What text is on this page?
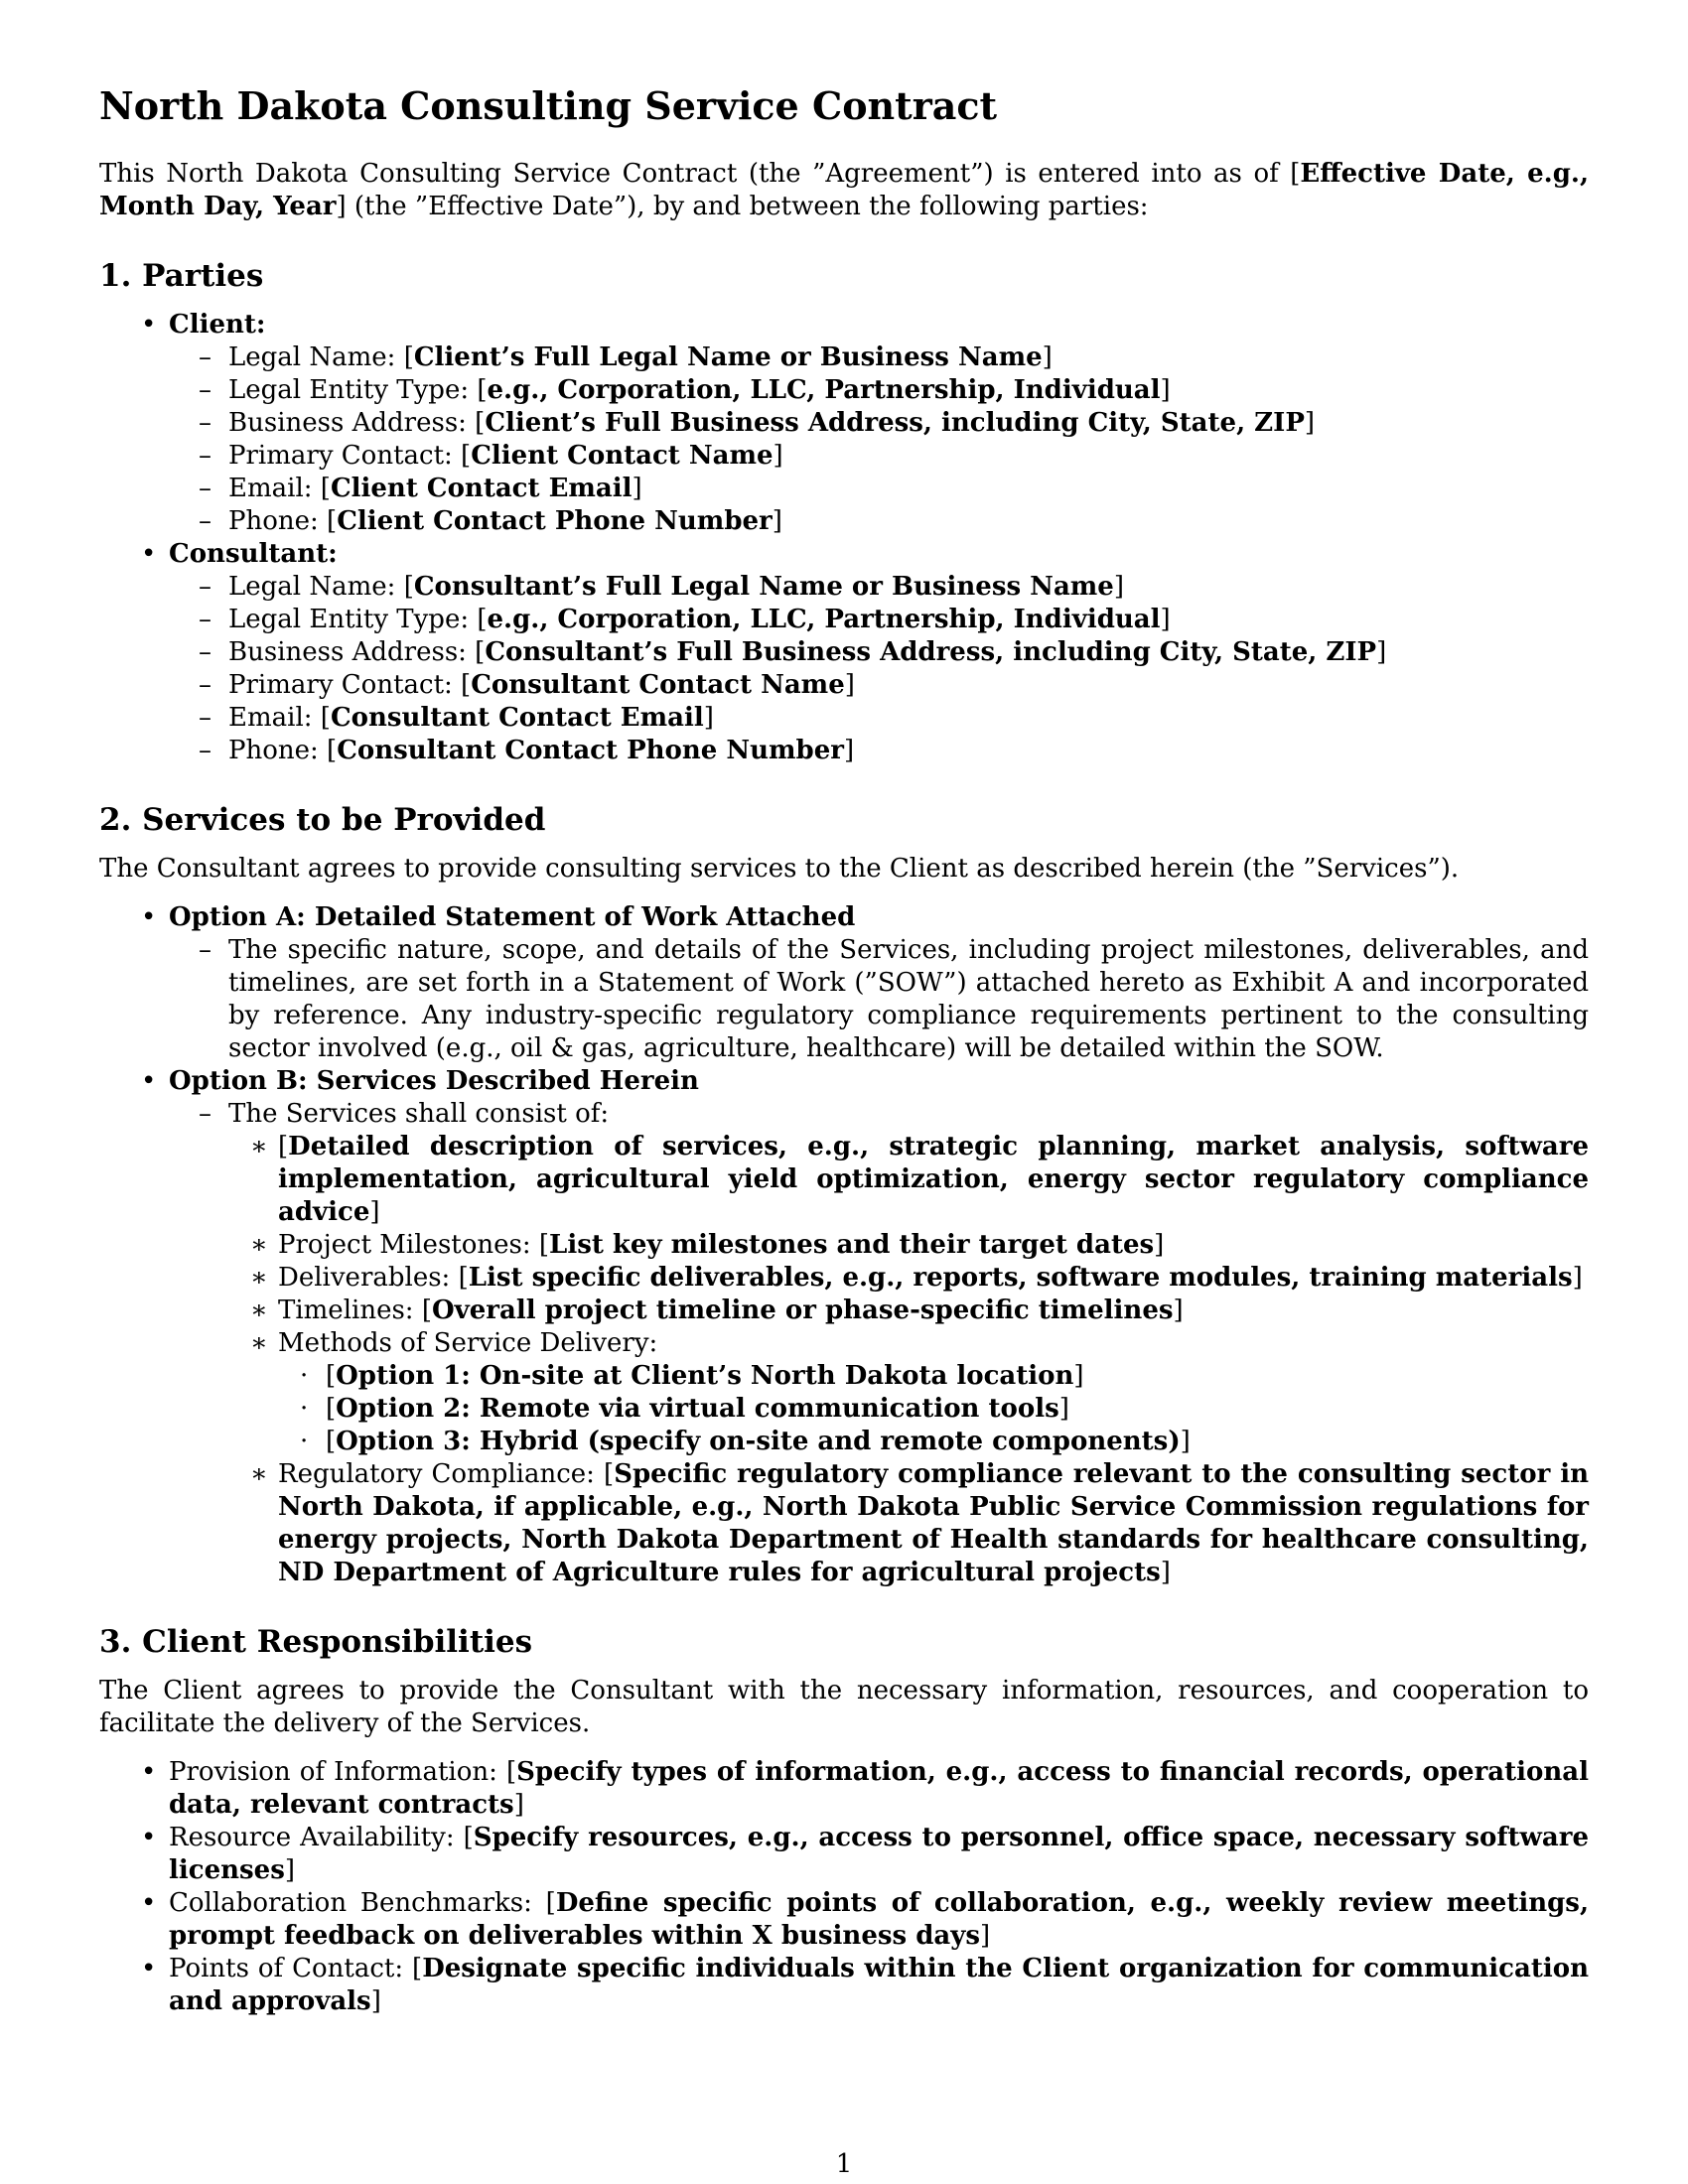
North Dakota Consulting Service Contract

This North Dakota Consulting Service Contract (the ”Agreement”) is entered into as of [Effective Date, e.g., Month Day, Year] (the ”Effective Date”), by and between the following parties:

1. Parties
• Client:
– Legal Name: [Client’s Full Legal Name or Business Name]
– Legal Entity Type: [e.g., Corporation, LLC, Partnership, Individual]
– Business Address: [Client’s Full Business Address, including City, State, ZIP]
– Primary Contact: [Client Contact Name]
– Email: [Client Contact Email]
– Phone: [Client Contact Phone Number]
• Consultant:
– Legal Name: [Consultant’s Full Legal Name or Business Name]
– Legal Entity Type: [e.g., Corporation, LLC, Partnership, Individual]
– Business Address: [Consultant’s Full Business Address, including City, State, ZIP]
– Primary Contact: [Consultant Contact Name]
– Email: [Consultant Contact Email]
– Phone: [Consultant Contact Phone Number]
2. Services to be Provided

The Consultant agrees to provide consulting services to the Client as described herein (the ”Services”).

• Option A: Detailed Statement of Work Attached
– The specific nature, scope, and details of the Services, including project milestones, deliverables, and timelines, are set forth in a Statement of Work (”SOW”) attached hereto as Exhibit A and incorporated by reference. Any industry-specific regulatory compliance requirements pertinent to the consulting sector involved (e.g., oil & gas, agriculture, healthcare) will be detailed within the SOW.
• Option B: Services Described Herein
– The Services shall consist of:
∗ [Detailed description of services, e.g., strategic planning, market analysis, software implementation, agricultural yield optimization, energy sector regulatory compliance advice]
∗ Project Milestones: [List key milestones and their target dates]
∗ Deliverables: [List specific deliverables, e.g., reports, software modules, training materials]
∗ Timelines: [Overall project timeline or phase-specific timelines]
∗ Methods of Service Delivery:
· [Option 1: On-site at Client’s North Dakota location]
· [Option 2: Remote via virtual communication tools]
· [Option 3: Hybrid (specify on-site and remote components)]
∗ Regulatory Compliance: [Specific regulatory compliance relevant to the consulting sector in North Dakota, if applicable, e.g., North Dakota Public Service Commission regulations for energy projects, North Dakota Department of Health standards for healthcare consulting, ND Department of Agriculture rules for agricultural projects]
3. Client Responsibilities

The Client agrees to provide the Consultant with the necessary information, resources, and cooperation to facilitate the delivery of the Services.

• Provision of Information: [Specify types of information, e.g., access to financial records, operational data, relevant contracts]
• Resource Availability: [Specify resources, e.g., access to personnel, office space, necessary software licenses]
• Collaboration Benchmarks: [Define specific points of collaboration, e.g., weekly review meetings, prompt feedback on deliverables within X business days]
• Points of Contact: [Designate specific individuals within the Client organization for communication and approvals]
1
